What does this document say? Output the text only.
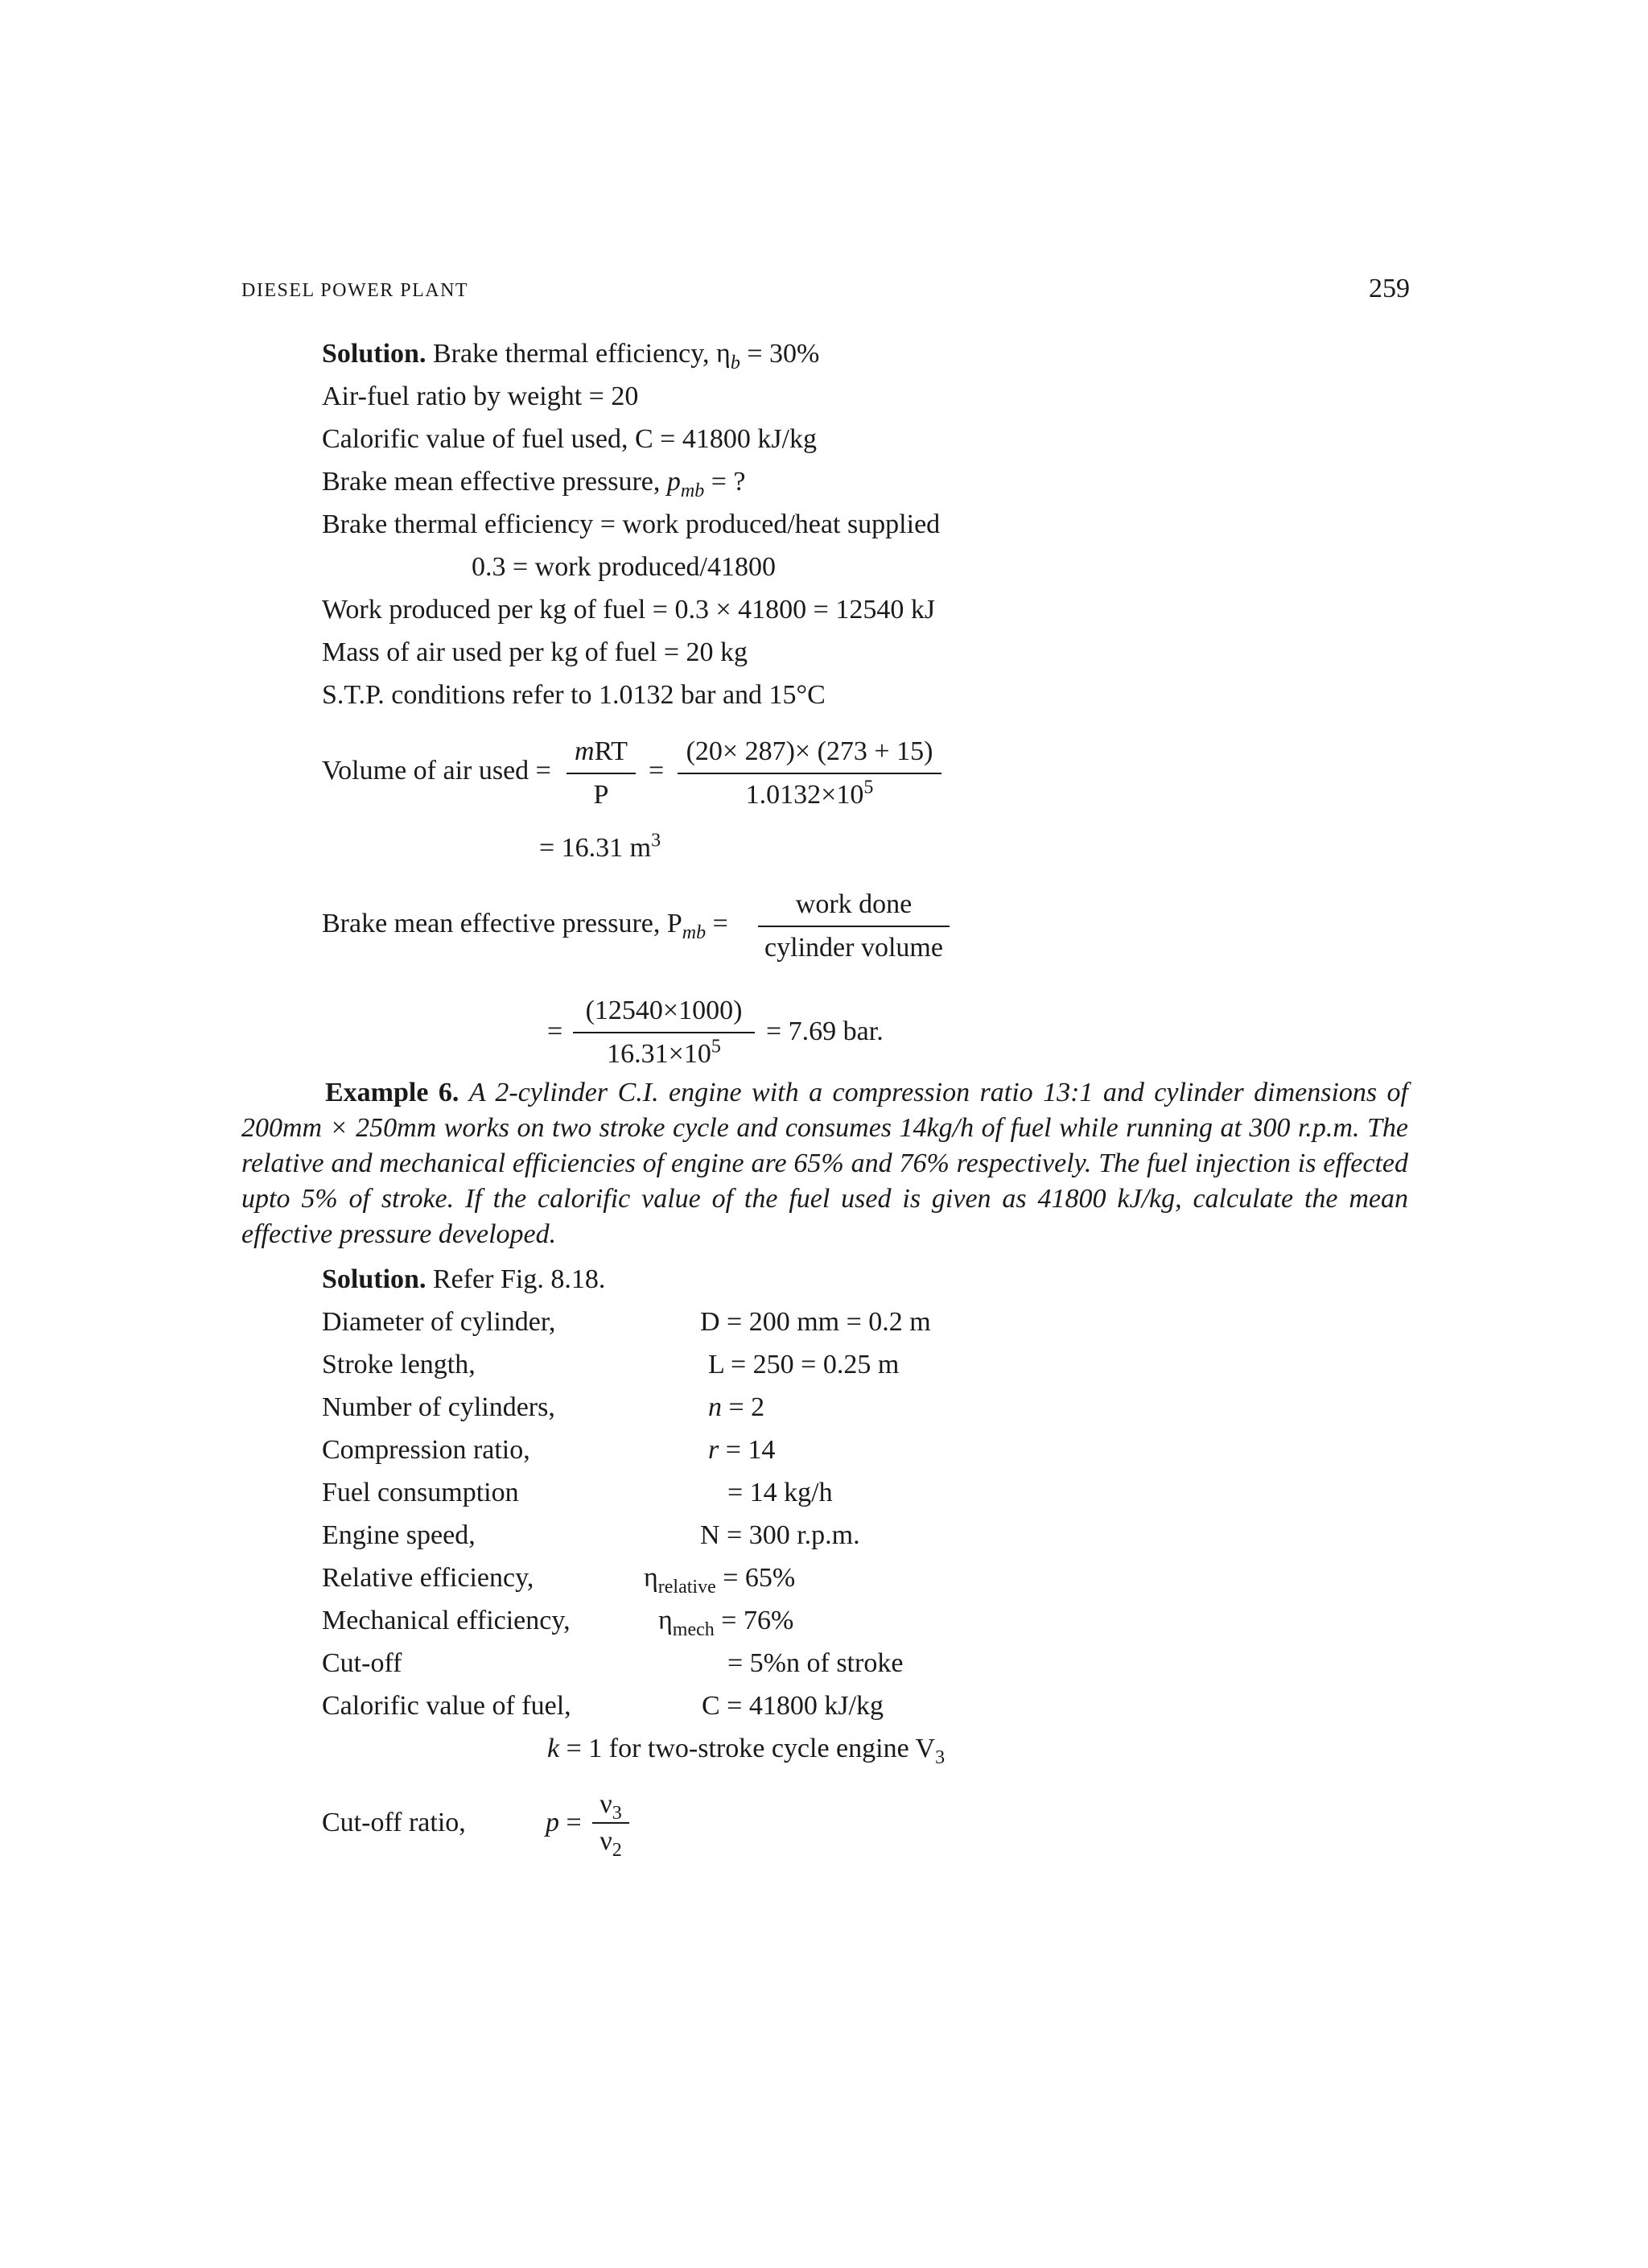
DIESEL POWER PLANT	259
Solution. Brake thermal efficiency, $\eta_b = 30\%$
Air-fuel ratio by weight = 20
Calorific value of fuel used, C = 41800 kJ/kg
Brake mean effective pressure, $p_{mb}$ = ?
Brake thermal efficiency = work produced/heat supplied
0.3 = work produced/41800
Work produced per kg of fuel = 0.3 × 41800 = 12540 kJ
Mass of air used per kg of fuel = 20 kg
S.T.P. conditions refer to 1.0132 bar and 15°C
Volume of air used =
mRT
P
= $\frac{(20\times 287)\times (273 + 15)}{1.0132\times 10^5}$
= 16.31 $m^3$
Brake mean effective pressure, $P_{mb}$ =
work done
cylinder volume
= $\frac{(12540\times 1000)}{16.31\times 10^5} = 7.69$ bar.
Example 6. A 2-cylinder C.I. engine with a compression ratio 13:1 and cylinder dimensions of 200mm × 250mm works on two stroke cycle and consumes 14kg/h of fuel while running at 300 r.p.m. The relative and mechanical efficiencies of engine are 65% and 76% respectively. The fuel injection is effected upto 5% of stroke. If the calorific value of the fuel used is given as 41800 kJ/kg, calculate the mean effective pressure developed.
Solution. Refer Fig. 8.18.
Diameter of cylinder,	D = 200 mm = 0.2 m
Stroke length,	L = 250 = 0.25 m
Number of cylinders,	n = 2
Compression ratio,	r = 14
Fuel consumption	= 14 kg/h
Engine speed,	N = 300 r.p.m.
Relative efficiency,	$\eta_{relative} = 65\%$
Mechanical efficiency,	$\eta_{mech} = 76\%$
Cut-off	= 5%n of stroke
Calorific value of fuel,	C = 41800 kJ/kg
k = 1 for two-stroke cycle engine $V_3$
Cut-off ratio,	$p = \frac{\nu_3}{\nu_2}$
